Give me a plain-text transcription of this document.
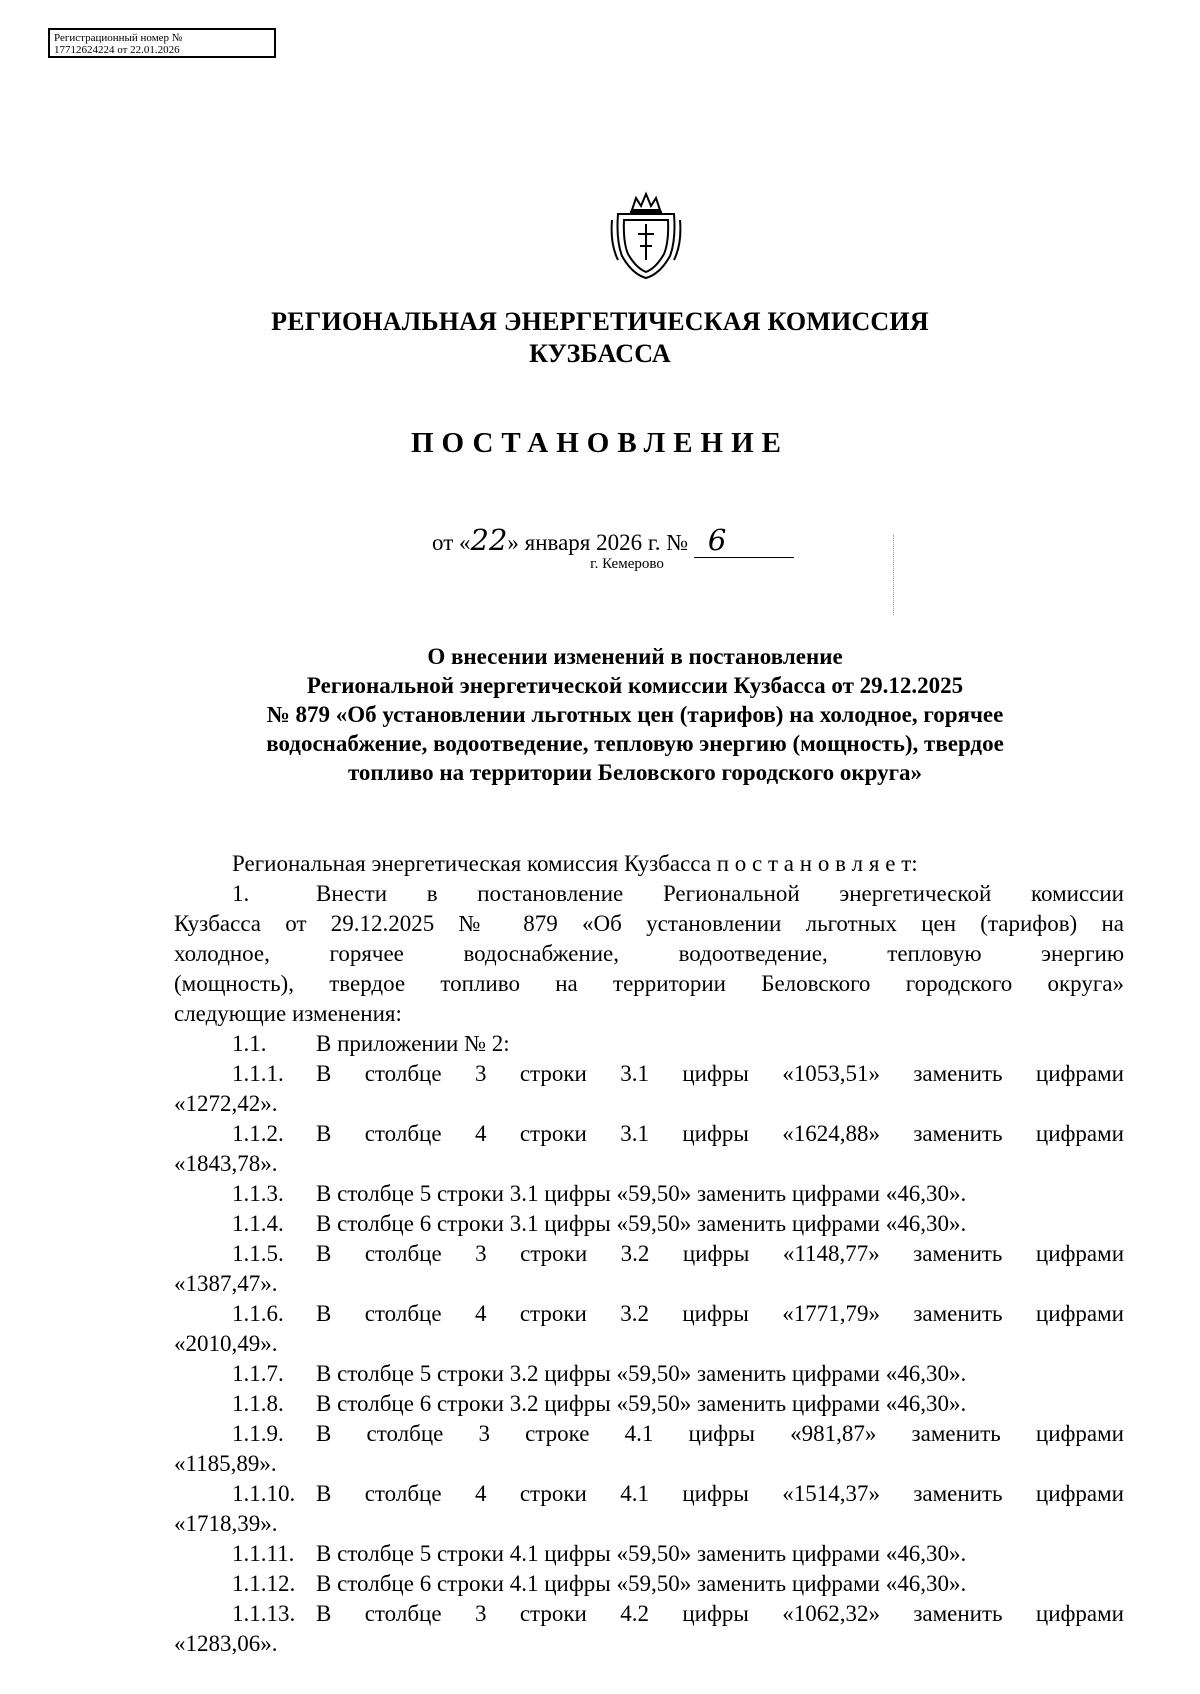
Регистрационный номер №
17712624224 от 22.01.2026
РЕГИОНАЛЬНАЯ ЭНЕРГЕТИЧЕСКАЯ КОМИССИЯ
КУЗБАССА
ПОСТАНОВЛЕНИЕ
от «22» января 2026 г. № 6
г. Кемерово
О внесении изменений в постановление
Региональной энергетической комиссии Кузбасса от 29.12.2025
№ 879 «Об установлении льготных цен (тарифов) на холодное, горячее
водоснабжение, водоотведение, тепловую энергию (мощность), твердое
топливо на территории Беловского городского округа»
Региональная энергетическая комиссия Кузбасса п о с т а н о в л я е т:
1.	Внести в постановление Региональной энергетической комиссии
Кузбасса от 29.12.2025 № 879 «Об установлении льготных цен (тарифов) на
холодное, горячее водоснабжение, водоотведение, тепловую энергию
(мощность), твердое топливо на территории Беловского городского округа»
следующие изменения:
1.1. В приложении № 2:
1.1.1. В столбце 3 строки 3.1 цифры «1053,51» заменить цифрами
«1272,42».
1.1.2. В столбце 4 строки 3.1 цифры «1624,88» заменить цифрами
«1843,78».
1.1.3. В столбце 5 строки 3.1 цифры «59,50» заменить цифрами «46,30».
1.1.4. В столбце 6 строки 3.1 цифры «59,50» заменить цифрами «46,30».
1.1.5. В столбце 3 строки 3.2 цифры «1148,77» заменить цифрами
«1387,47».
1.1.6. В столбце 4 строки 3.2 цифры «1771,79» заменить цифрами
«2010,49».
1.1.7. В столбце 5 строки 3.2 цифры «59,50» заменить цифрами «46,30».
1.1.8. В столбце 6 строки 3.2 цифры «59,50» заменить цифрами «46,30».
1.1.9. В столбце 3 строке 4.1 цифры «981,87» заменить цифрами
«1185,89».
1.1.10. В столбце 4 строки 4.1 цифры «1514,37» заменить цифрами
«1718,39».
1.1.11. В столбце 5 строки 4.1 цифры «59,50» заменить цифрами «46,30».
1.1.12. В столбце 6 строки 4.1 цифры «59,50» заменить цифрами «46,30».
1.1.13. В столбце 3 строки 4.2 цифры «1062,32» заменить цифрами
«1283,06».
